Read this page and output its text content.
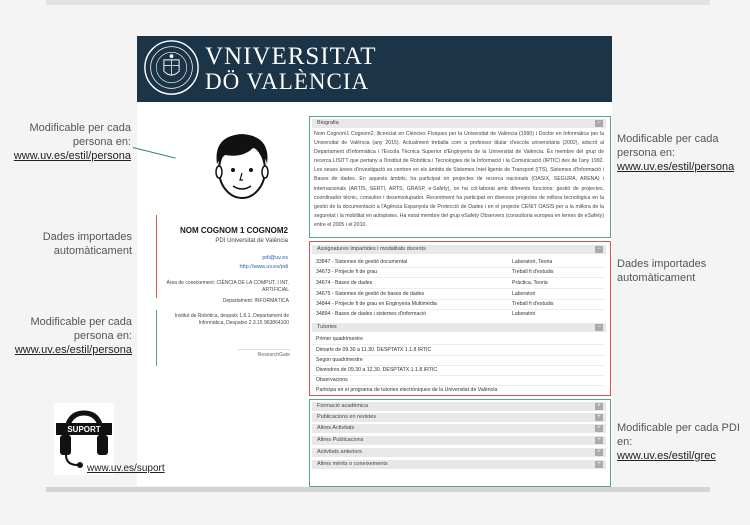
VNIVERSITAT
DÖ VALÈNCIA
NOM COGNOM 1 COGNOM2
PDI Universitat de València
pdi@uv.es
http://www.uv.es/pdi
Àrea de coneixement: CIÈNCIA DE LA COMPUT. I INT. ARTIFICIAL
Departament: INFORMÀTICA
Institut de Robòtica, despatx 1.8.1. Departament de Informàtica, Despatxo 2.3.15 963864100
ResearchGate
Modificable per cada persona en:
www.uv.es/estil/persona
Dades importades automàticament
Modificable per cada persona en:
www.uv.es/estil/persona
Biografia	−
Nom Cognom1 Cognom2, llicenciat en Ciències Físiques per la Universitat de València (1990) i Doctor en Informàtica per la Universitat de València (any 2015). Actualment treballa com a professor titular d'escola universitària (2002), adscrit al Departament d'Informàtica i l'Escola Tècnica Superior d'Enginyeria de la Universitat de València. És membre del grup de recerca LISITT que pertany a l'Institut de Robòtica i Tecnologies de la Informació i la Comunicació (IRTIC) des de l'any 1992. Les seues àrees d'investigació es centren en els àmbits de Sistemes Intel·ligents de Transport (ITS), Sistemes d'Informació i Bases de dades. En aquests àmbits, ha participat en projectes de recerca nacionals (OASIX, SEGURA, ARENA) i internacionals (ARTIS, SERTI, ARTS, GRASP, e-Safety), on ha col·laborat amb diferents funcions: gestió de projectes, coordinador tècnic, consultor i desenvolupador. Recentment ha participat en diversos projectes de millora tecnològica en la gestió de la documentació a l'Agència Espanyola de Protecció de Dades i en el projecte CENIT OASIS per a la millora de la seguretat i la mobilitat en autopistes. Ha estat membre del grup eSafety Observers (consultoria europea en temes de eSafety) entre el 2005 i el 2010.
Assignatures impartides i modalitats docents	−
33847 - Sistemes de gestió documental	Laboratori, Teoria
34673 - Projecte fi de grau	Treball fi d'estudis
34674 - Bases de dades	Pràctica, Teoria
34675 - Sistemes de gestió de bases de dades	Laboratori
34844 - Projecte fi de grau en Enginyeria Multimèdia	Treball fi d'estudis
34894 - Bases de dades i sistemes d'informació	Laboratori
Tutories	−
Primer quadrimestre
Dimarts de 09.30 a 11.30. DESPTATX 1.1.8 IRTIC
Segon quadrimestre
Divendres de 09.30 a 12.30. DESPTATX 1.1.8 IRTIC
Observacions
Participa en el programa de tutories electròniques de la Universitat de València
Formació acadèmica	+
Publicacions en revistes	+
Altres Activitats	+
Altres Publicacions	+
Activitats anteriors	+
Altres mèrits o coneixements	+
Modificable per cada persona en:
www.uv.es/estil/persona
Dades importades automàticament
Modificable per cada PDI en:
www.uv.es/estil/grec
SUPORT
www.uv.es/suport
